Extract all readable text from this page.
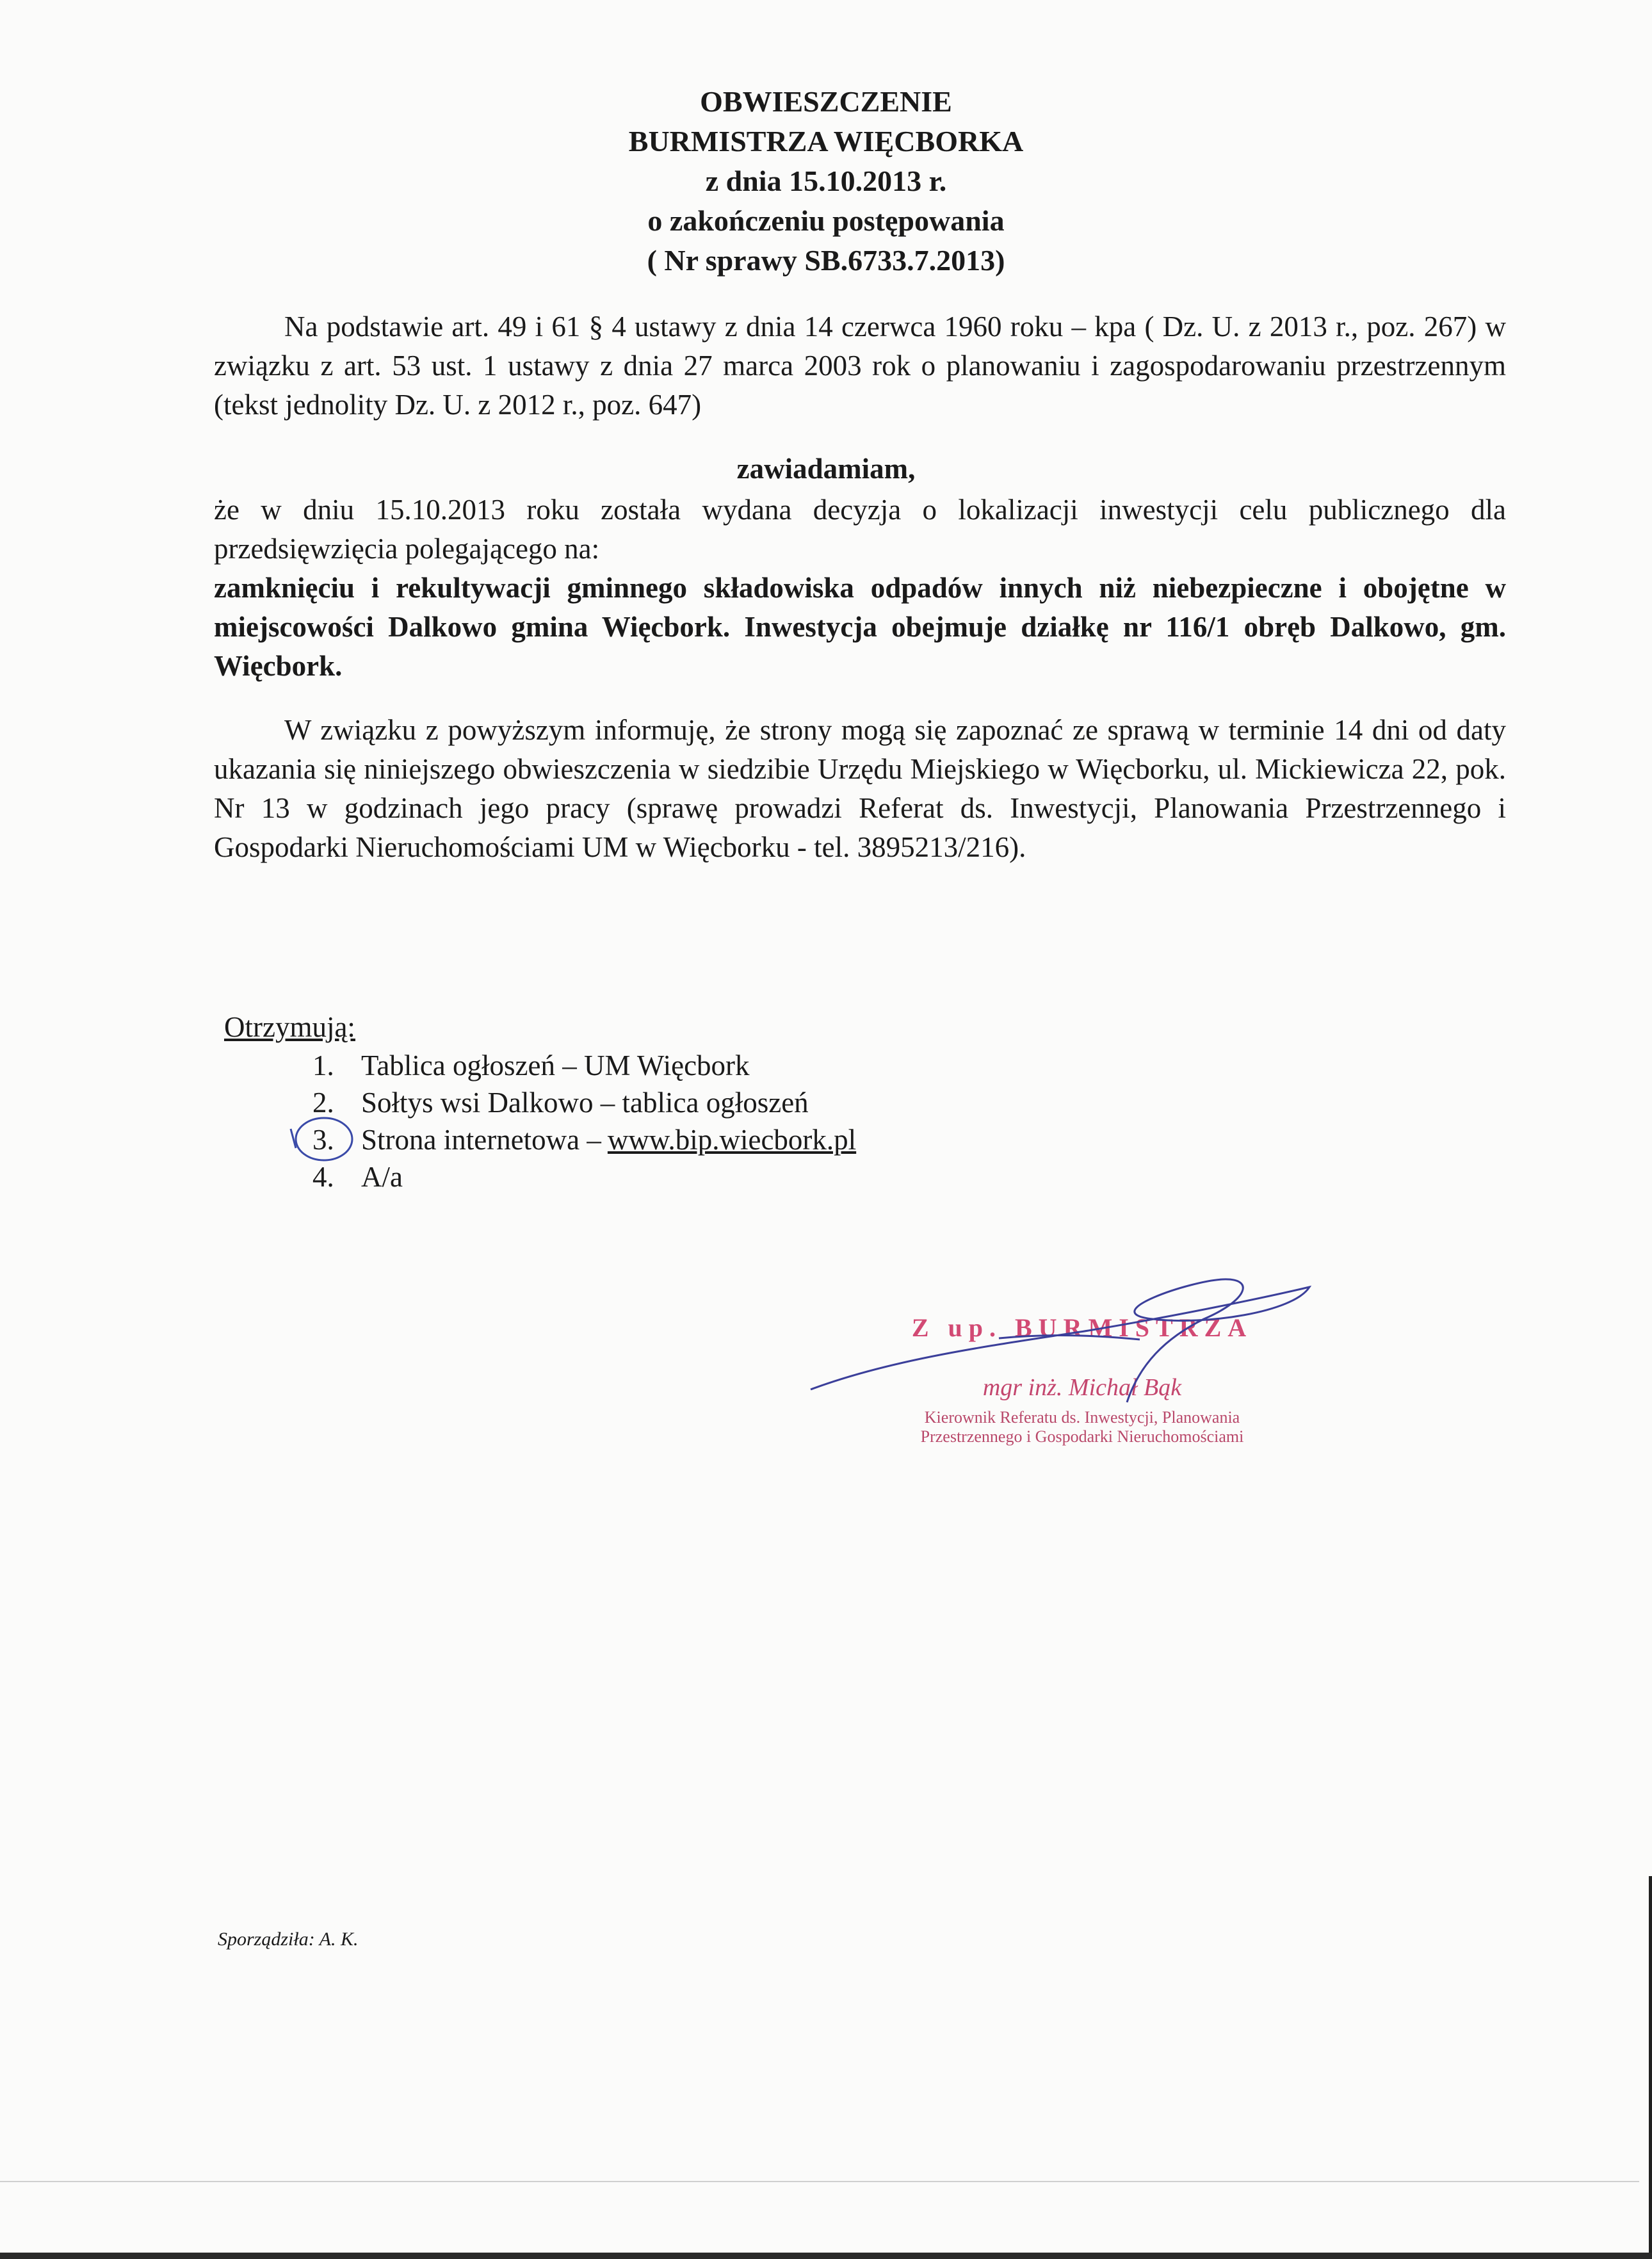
OBWIESZCZENIE
BURMISTRZA WIĘCBORKA
z dnia 15.10.2013 r.
o zakończeniu postępowania
( Nr sprawy SB.6733.7.2013)

Na podstawie art. 49 i 61 § 4 ustawy z dnia 14 czerwca 1960 roku – kpa ( Dz. U. z 2013 r., poz. 267) w związku z art. 53 ust. 1 ustawy z dnia 27 marca 2003 rok o planowaniu i zagospodarowaniu przestrzennym (tekst jednolity Dz. U. z 2012 r., poz. 647)

zawiadamiam,

że w dniu 15.10.2013 roku została wydana decyzja o lokalizacji inwestycji celu publicznego dla przedsięwzięcia polegającego na:

zamknięciu i rekultywacji gminnego składowiska odpadów innych niż niebezpieczne i obojętne w miejscowości Dalkowo gmina Więcbork. Inwestycja obejmuje działkę nr 116/1 obręb Dalkowo, gm. Więcbork.

W związku z powyższym informuję, że strony mogą się zapoznać ze sprawą w terminie 14 dni od daty ukazania się niniejszego obwieszczenia w siedzibie Urzędu Miejskiego w Więcborku, ul. Mickiewicza 22, pok. Nr 13 w godzinach jego pracy (sprawę prowadzi Referat ds. Inwestycji, Planowania Przestrzennego i Gospodarki Nieruchomościami UM w Więcborku - tel. 3895213/216).

Otrzymują:
1. Tablica ogłoszeń – UM Więcbork
2. Sołtys wsi Dalkowo – tablica ogłoszeń
3. Strona internetowa – www.bip.wiecbork.pl
4. A/a
Z up. BURMISTRZA
mgr inż. Michał Bąk
Kierownik Referatu ds. Inwestycji, Planowania
Przestrzennego i Gospodarki Nieruchomościami
Sporządziła: A. K.
